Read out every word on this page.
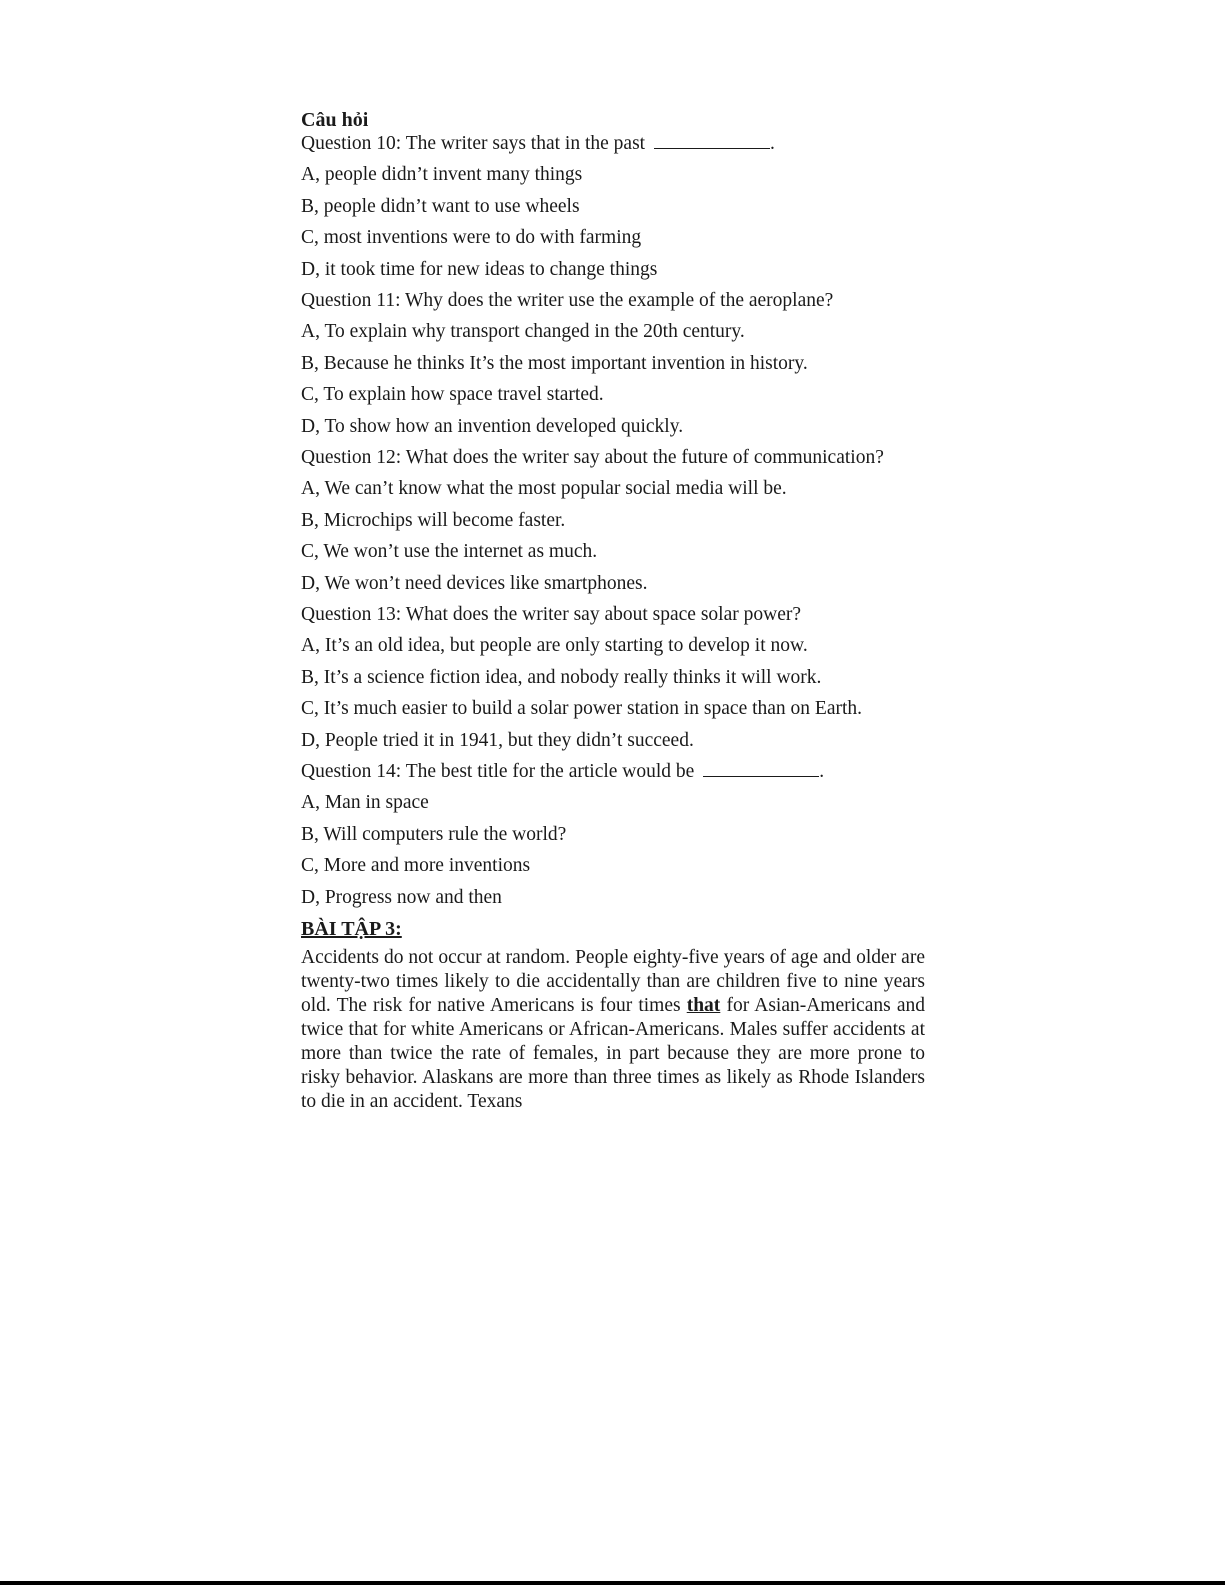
Câu hỏi

Question 10: The writer says that in the past	.

A, people didn’t invent many things

B, people didn’t want to use wheels

C, most inventions were to do with farming

D, it took time for new ideas to change things

Question 11: Why does the writer use the example of the aeroplane?

A, To explain why transport changed in the 20th century.

B, Because he thinks It’s the most important invention in history.

C, To explain how space travel started.

D, To show how an invention developed quickly.

Question 12: What does the writer say about the future of communication?

A, We can’t know what the most popular social media will be.

B, Microchips will become faster.

C, We won’t use the internet as much.

D, We won’t need devices like smartphones.

Question 13: What does the writer say about space solar power?

A, It’s an old idea, but people are only starting to develop it now.

B, It’s a science fiction idea, and nobody really thinks it will work.

C, It’s much easier to build a solar power station in space than on Earth.

D, People tried it in 1941, but they didn’t succeed.

Question 14: The best title for the article would be	.

A, Man in space

B, Will computers rule the world?

C, More and more inventions

D, Progress now and then

BÀI TẬP 3:

Accidents do not occur at random. People eighty-five years of age and older are twenty-two times likely to die accidentally than are children five to nine years old. The risk for native Americans is four times that for Asian-Americans and twice that for white Americans or African-Americans. Males suffer accidents at more than twice the rate of females, in part because they are more prone to risky behavior. Alaskans are more than three times as likely as Rhode Islanders to die in an accident. Texans
